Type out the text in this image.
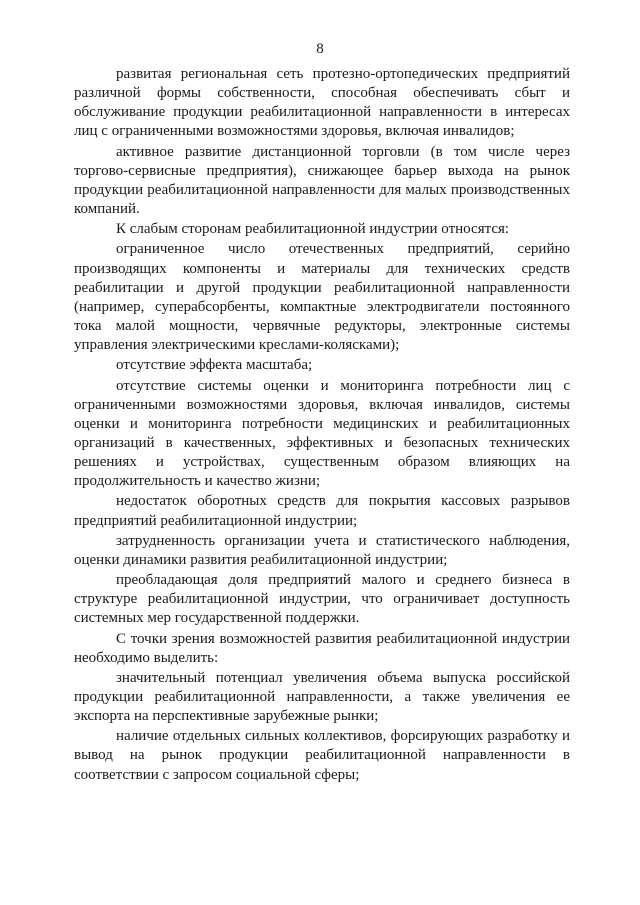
8

развитая региональная сеть протезно-ортопедических предприятий различной формы собственности, способная обеспечивать сбыт и обслуживание продукции реабилитационной направленности в интересах лиц с ограниченными возможностями здоровья, включая инвалидов;

активное развитие дистанционной торговли (в том числе через торгово-сервисные предприятия), снижающее барьер выхода на рынок продукции реабилитационной направленности для малых производственных компаний.

К слабым сторонам реабилитационной индустрии относятся:

ограниченное число отечественных предприятий, серийно производящих компоненты и материалы для технических средств реабилитации и другой продукции реабилитационной направленности (например, суперабсорбенты, компактные электродвигатели постоянного тока малой мощности, червячные редукторы, электронные системы управления электрическими креслами-колясками);

отсутствие эффекта масштаба;

отсутствие системы оценки и мониторинга потребности лиц с ограниченными возможностями здоровья, включая инвалидов, системы оценки и мониторинга потребности медицинских и реабилитационных организаций в качественных, эффективных и безопасных технических решениях и устройствах, существенным образом влияющих на продолжительность и качество жизни;

недостаток оборотных средств для покрытия кассовых разрывов предприятий реабилитационной индустрии;

затрудненность организации учета и статистического наблюдения, оценки динамики развития реабилитационной индустрии;

преобладающая доля предприятий малого и среднего бизнеса в структуре реабилитационной индустрии, что ограничивает доступность системных мер государственной поддержки.

С точки зрения возможностей развития реабилитационной индустрии необходимо выделить:

значительный потенциал увеличения объема выпуска российской продукции реабилитационной направленности, а также увеличения ее экспорта на перспективные зарубежные рынки;

наличие отдельных сильных коллективов, форсирующих разработку и вывод на рынок продукции реабилитационной направленности в соответствии с запросом социальной сферы;
